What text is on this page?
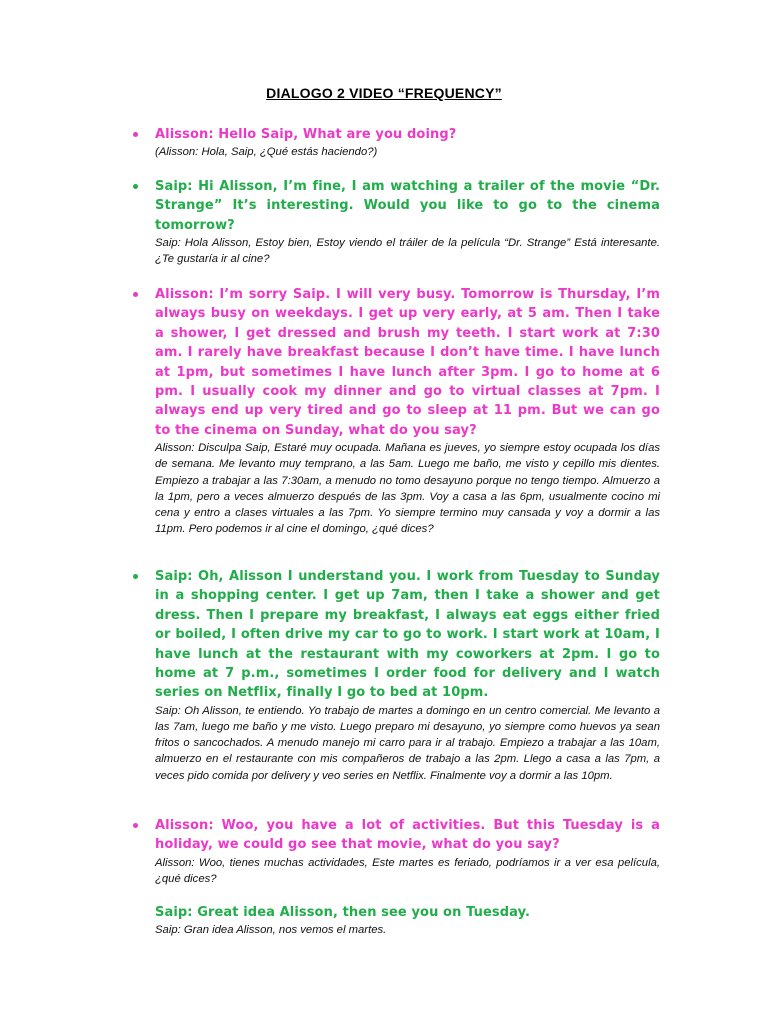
DIALOGO 2 VIDEO “FREQUENCY”

Alisson: Hello Saip, What are you doing?

(Alisson: Hola, Saip, ¿Qué estás haciendo?)

Saip: Hi Alisson, I’m fine, I am watching a trailer of the movie “Dr. Strange” It’s interesting. Would you like to go to the cinema tomorrow?

Saip: Hola Alisson, Estoy bien, Estoy viendo el tráiler de la película “Dr. Strange” Está interesante. ¿Te gustaría ir al cine?

Alisson: I’m sorry Saip. I will very busy. Tomorrow is Thursday, I’m always busy on weekdays. I get up very early, at 5 am. Then I take a shower, I get dressed and brush my teeth. I start work at 7:30 am. I rarely have breakfast because I don’t have time. I have lunch at 1pm, but sometimes I have lunch after 3pm. I go to home at 6 pm. I usually cook my dinner and go to virtual classes at 7pm. I always end up very tired and go to sleep at 11 pm. But we can go to the cinema on Sunday, what do you say?

Alisson: Disculpa Saip, Estaré muy ocupada. Mañana es jueves, yo siempre estoy ocupada los días de semana. Me levanto muy temprano, a las 5am. Luego me baño, me visto y cepillo mis dientes. Empiezo a trabajar a las 7:30am, a menudo no tomo desayuno porque no tengo tiempo. Almuerzo a la 1pm, pero a veces almuerzo después de las 3pm. Voy a casa a las 6pm, usualmente cocino mi cena y entro a clases virtuales a las 7pm. Yo siempre termino muy cansada y voy a dormir a las 11pm. Pero podemos ir al cine el domingo, ¿qué dices?

Saip: Oh, Alisson I understand you. I work from Tuesday to Sunday in a shopping center. I get up 7am, then I take a shower and get dress. Then I prepare my breakfast, I always eat eggs either fried or boiled, I often drive my car to go to work. I start work at 10am, I have lunch at the restaurant with my coworkers at 2pm. I go to home at 7 p.m., sometimes I order food for delivery and I watch series on Netflix, finally I go to bed at 10pm.

Saip: Oh Alisson, te entiendo. Yo trabajo de martes a domingo en un centro comercial. Me levanto a las 7am, luego me baño y me visto. Luego preparo mi desayuno, yo siempre como huevos ya sean fritos o sancochados. A menudo manejo mi carro para ir al trabajo. Empiezo a trabajar a las 10am, almuerzo en el restaurante con mis compañeros de trabajo a las 2pm. Llego a casa a las 7pm, a veces pido comida por delivery y veo series en Netflix. Finalmente voy a dormir a las 10pm.

Alisson: Woo, you have a lot of activities. But this Tuesday is a holiday, we could go see that movie, what do you say?

Alisson: Woo, tienes muchas actividades, Este martes es feriado, podríamos ir a ver esa película, ¿qué dices?

Saip: Great idea Alisson, then see you on Tuesday.

Saip: Gran idea Alisson, nos vemos el martes.
